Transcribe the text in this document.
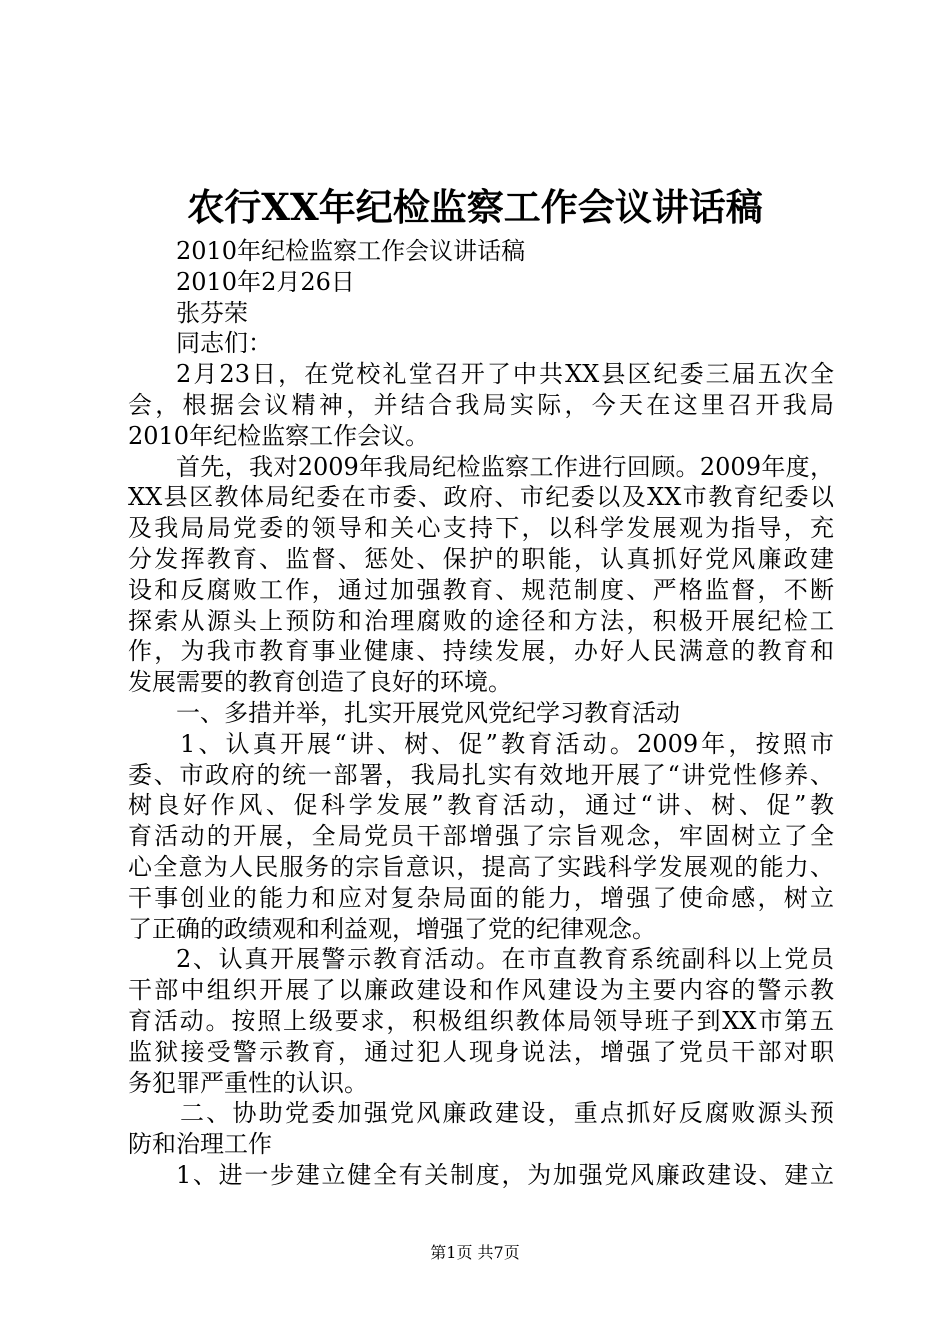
农行XX年纪检监察工作会议讲话稿
2010年纪检监察工作会议讲话稿
2010年2月26日
张芬荣
同志们：
2月23日，在党校礼堂召开了中共XX县区纪委三届五次全
会，根据会议精神，并结合我局实际，今天在这里召开我局
2010年纪检监察工作会议。
首先，我对2009年我局纪检监察工作进行回顾。2009年度，
XX县区教体局纪委在市委、政府、市纪委以及XX市教育纪委以
及我局局党委的领导和关心支持下，以科学发展观为指导，充
分发挥教育、监督、惩处、保护的职能，认真抓好党风廉政建
设和反腐败工作，通过加强教育、规范制度、严格监督，不断
探索从源头上预防和治理腐败的途径和方法，积极开展纪检工
作，为我市教育事业健康、持续发展，办好人民满意的教育和
发展需要的教育创造了良好的环境。
一、多措并举，扎实开展党风党纪学习教育活动
1、认真开展“讲、树、促”教育活动。2009年，按照市
委、市政府的统一部署，我局扎实有效地开展了“讲党性修养、
树良好作风、促科学发展”教育活动，通过“讲、树、促”教
育活动的开展，全局党员干部增强了宗旨观念，牢固树立了全
心全意为人民服务的宗旨意识，提高了实践科学发展观的能力、
干事创业的能力和应对复杂局面的能力，增强了使命感，树立
了正确的政绩观和利益观，增强了党的纪律观念。
2、认真开展警示教育活动。在市直教育系统副科以上党员
干部中组织开展了以廉政建设和作风建设为主要内容的警示教
育活动。按照上级要求，积极组织教体局领导班子到XX市第五
监狱接受警示教育，通过犯人现身说法，增强了党员干部对职
务犯罪严重性的认识。
二、协助党委加强党风廉政建设，重点抓好反腐败源头预
防和治理工作
1、进一步建立健全有关制度，为加强党风廉政建设、建立
第1页 共7页
